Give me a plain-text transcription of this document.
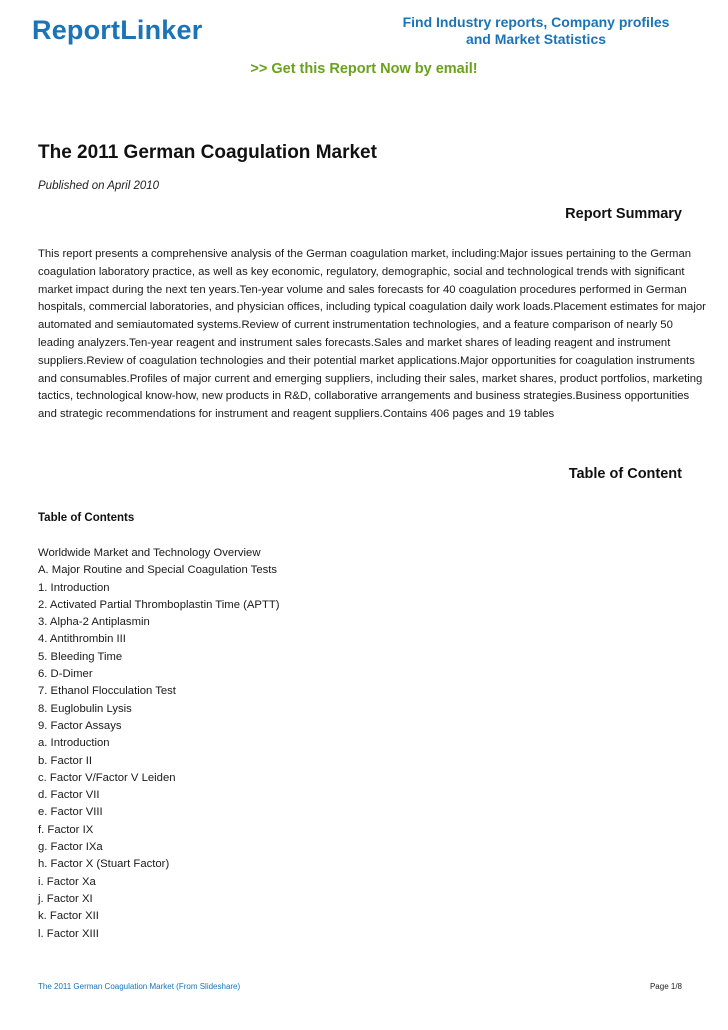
ReportLinker	Find Industry reports, Company profiles
and Market Statistics
>> Get this Report Now by email!
The 2011 German Coagulation Market
Published on April 2010
Report Summary
This report presents a comprehensive analysis of the German coagulation market, including:Major issues pertaining to the German
coagulation laboratory practice, as well as key economic, regulatory, demographic, social and technological trends with significant
market impact during the next ten years.Ten-year volume and sales forecasts for 40 coagulation procedures performed in German
hospitals, commercial laboratories, and physician offices, including typical coagulation daily work loads.Placement estimates for major
automated and semiautomated systems.Review of current instrumentation technologies, and a feature comparison of nearly 50
leading analyzers.Ten-year reagent and instrument sales forecasts.Sales and market shares of leading reagent and instrument
suppliers.Review of coagulation technologies and their potential market applications.Major opportunities for coagulation instruments
and consumables.Profiles of major current and emerging suppliers, including their sales, market shares, product portfolios, marketing
tactics, technological know-how, new products in R&D, collaborative arrangements and business strategies.Business opportunities
and strategic recommendations for instrument and reagent suppliers.Contains 406 pages and 19 tables
Table of Content
Table of Contents
Worldwide Market and Technology Overview
A. Major Routine and Special Coagulation Tests
1. Introduction
2. Activated Partial Thromboplastin Time (APTT)
3. Alpha-2 Antiplasmin
4. Antithrombin III
5. Bleeding Time
6. D-Dimer
7. Ethanol Flocculation Test
8. Euglobulin Lysis
9. Factor Assays
a. Introduction
b. Factor II
c. Factor V/Factor V Leiden
d. Factor VII
e. Factor VIII
f. Factor IX
g. Factor IXa
h. Factor X (Stuart Factor)
i. Factor Xa
j. Factor XI
k. Factor XII
l. Factor XIII
The 2011 German Coagulation Market (From Slideshare)	Page 1/8
